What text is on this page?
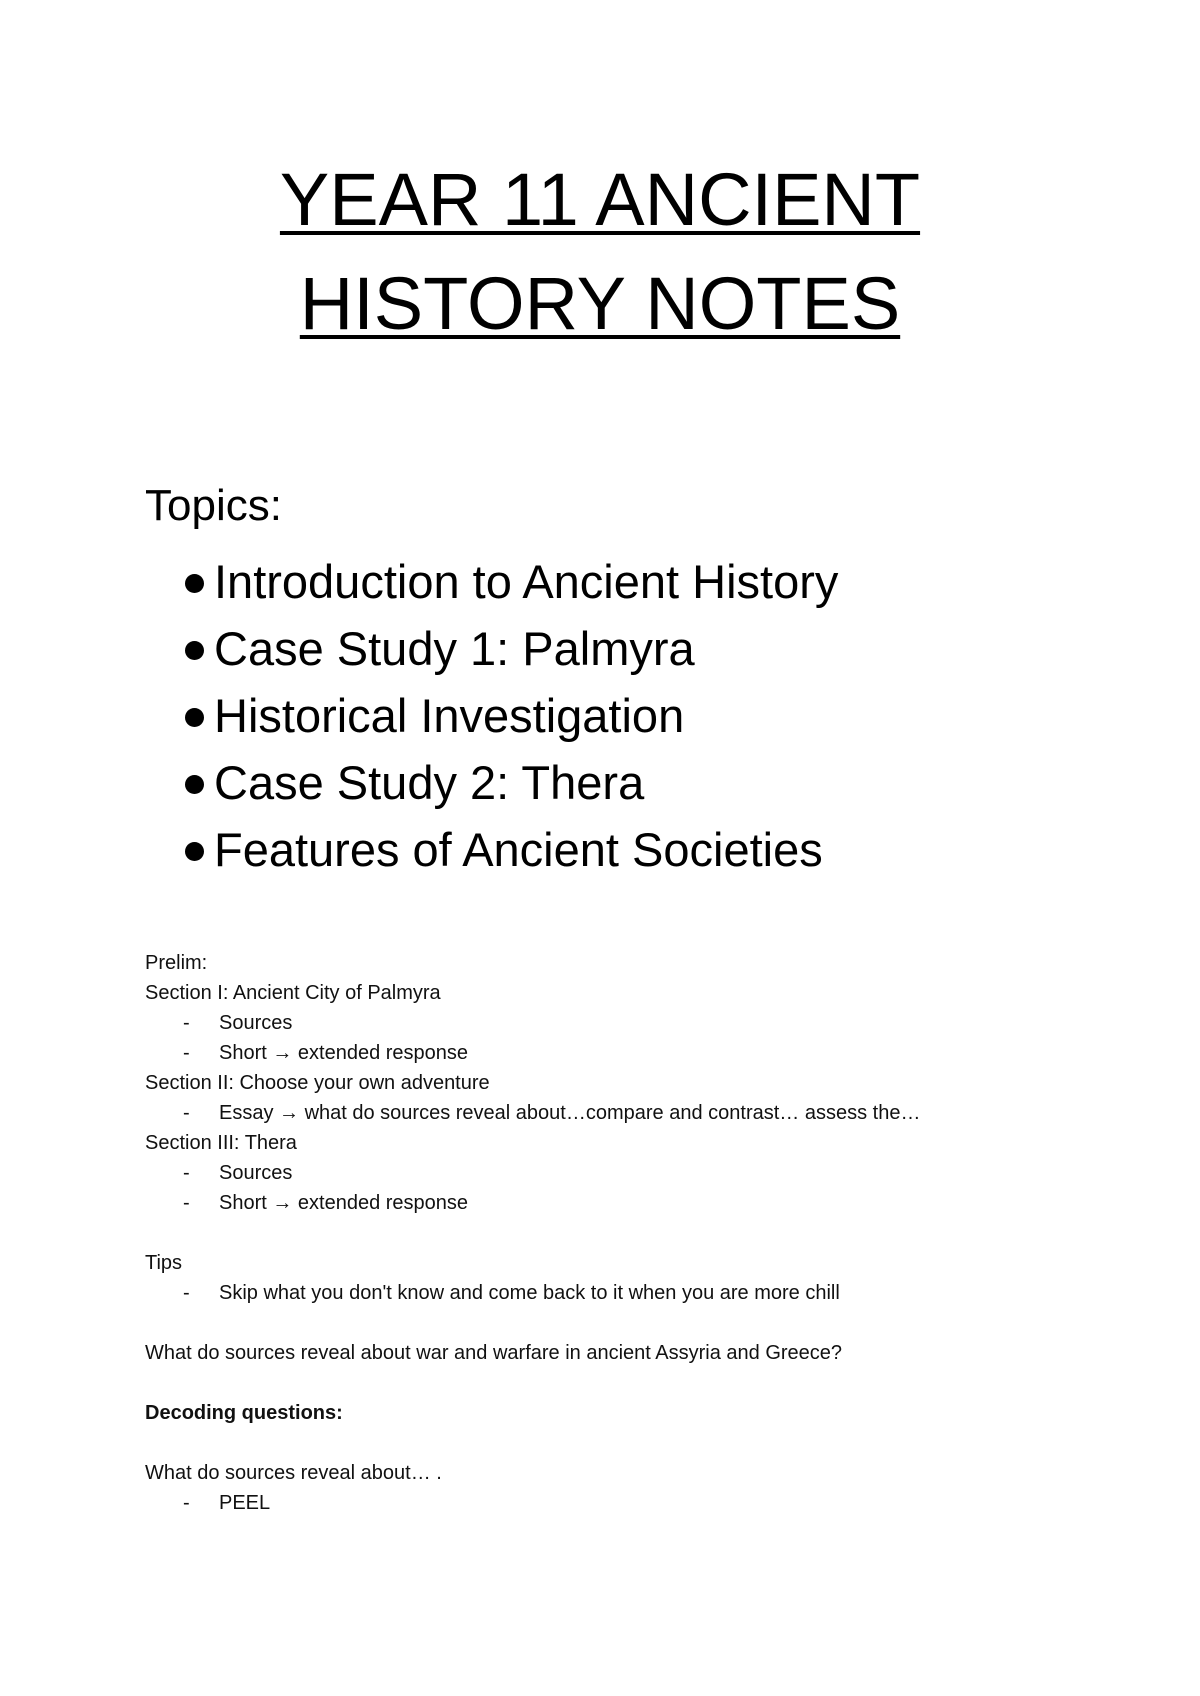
YEAR 11 ANCIENT
HISTORY NOTES
Topics:
Introduction to Ancient History
Case Study 1: Palmyra
Historical Investigation
Case Study 2: Thera
Features of Ancient Societies
Prelim:
Section I: Ancient City of Palmyra
- Sources
- Short → extended response
Section II: Choose your own adventure
- Essay → what do sources reveal about…compare and contrast… assess the…
Section III: Thera
- Sources
- Short → extended response
Tips
- Skip what you don't know and come back to it when you are more chill
What do sources reveal about war and warfare in ancient Assyria and Greece?
Decoding questions:
What do sources reveal about… .
- PEEL
